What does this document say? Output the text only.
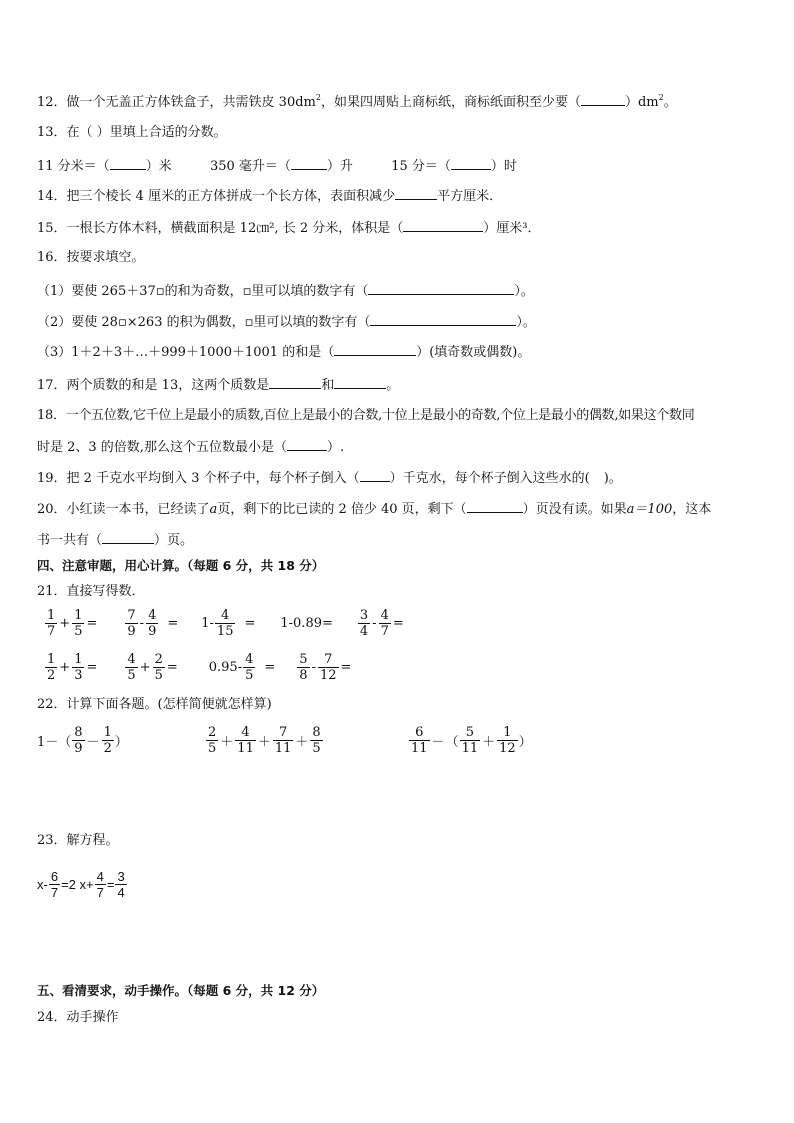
12．做一个无盖正方体铁盒子，共需铁皮 $30dm^2$，如果四周贴上商标纸，商标纸面积至少要（	）$dm^2$。
13．在（ ）里填上合适的分数。
11 分米＝（	）米	350 毫升＝（	）升	15 分＝（	）时
14．把三个棱长 4 厘米的正方体拼成一个长方体，表面积减少	平方厘米．
15．一根长方体木料，横截面积是 12㎝², 长 2 分米，体积是（	）厘米³．
16．按要求填空。
（1）要使 265＋37▫的和为奇数，▫里可以填的数字有（	）。
（2）要使 28▫×263 的积为偶数，▫里可以填的数字有（	）。
（3）1＋2＋3＋…＋999＋1000＋1001 的和是（	）(填奇数或偶数)。
17．两个质数的和是 13，这两个质数是	和	。
18．一个五位数,它千位上是最小的质数,百位上是最小的合数,十位上是最小的奇数,个位上是最小的偶数,如果这个数同
时是 2、3 的倍数,那么这个五位数最小是（	）.
19．把 2 千克水平均倒入 3 个杯子中，每个杯子倒入（ ）千克水，每个杯子倒入这些水的( )。
20．小红读一本书，已经读了a页，剩下的比已读的 2 倍少 40 页，剩下（	）页没有读。如果a＝100，这本
书一共有（	）页。
四、注意审题，用心计算。（每题 6 分，共 18 分）
21．直接写得数．
$\frac{1}{7} + \frac{1}{5} = \frac{7}{9} - \frac{4}{9} = 1- \frac{4}{15} = 1-0.89= \frac{3}{4} - \frac{4}{7}$ =
$\frac{1}{2} + \frac{1}{3} = \frac{4}{5} + \frac{2}{5} = 0.95- \frac{4}{5} = \frac{5}{8} - \frac{7}{12}$ =
22．计算下面各题。(怎样简便就怎样算)
$1-( \frac{8}{9} - \frac{1}{2}$ ）	$\frac{2}{5} + \frac{4}{11} + \frac{7}{11} + \frac{8}{5}$	$\frac{6}{11}$ － （ $\frac{5}{11} + \frac{1}{12}$ ）
23．解方程。
$x- \frac{6}{7} =2$ $x+ \frac{4}{7} = \frac{3}{4}$
五、看清要求，动手操作。（每题 6 分，共 12 分）
24．动手操作
